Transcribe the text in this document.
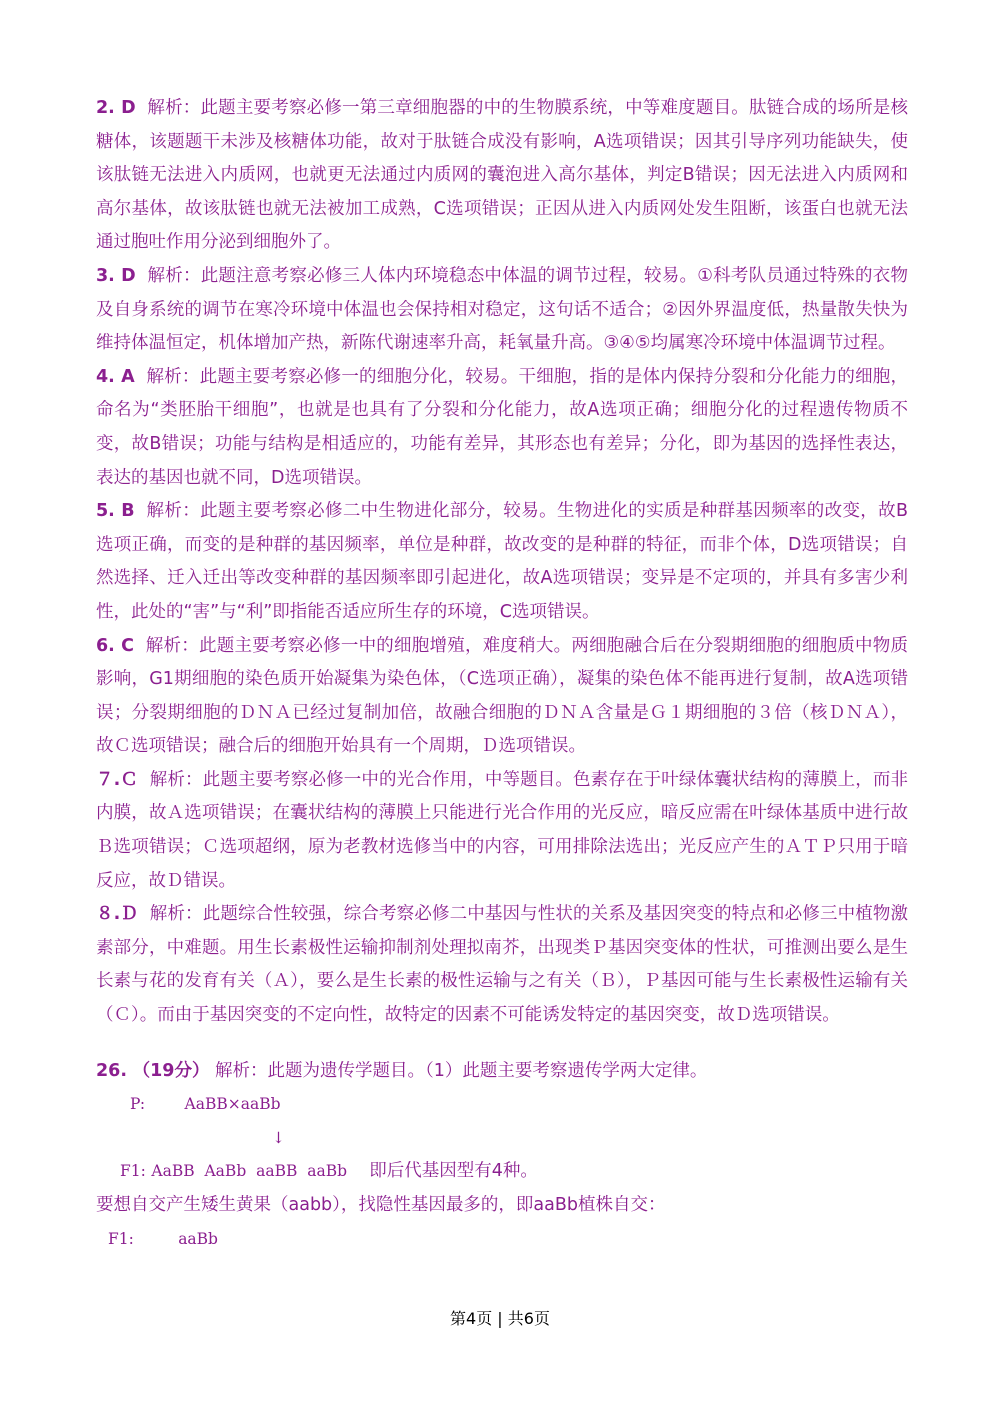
2. D 解析：此题主要考察必修一第三章细胞器的中的生物膜系统，中等难度题目。肽链合成的场所是核糖体，该题题干未涉及核糖体功能，故对于肽链合成没有影响，A选项错误；因其引导序列功能缺失，使该肽链无法进入内质网，也就更无法通过内质网的囊泡进入高尔基体，判定B错误；因无法进入内质网和高尔基体，故该肽链也就无法被加工成熟，C选项错误；正因从进入内质网处发生阻断，该蛋白也就无法通过胞吐作用分泌到细胞外了。

3. D 解析：此题注意考察必修三人体内环境稳态中体温的调节过程，较易。①科考队员通过特殊的衣物及自身系统的调节在寒冷环境中体温也会保持相对稳定，这句话不适合；②因外界温度低，热量散失快为维持体温恒定，机体增加产热，新陈代谢速率升高，耗氧量升高。③④⑤均属寒冷环境中体温调节过程。

4. A 解析：此题主要考察必修一的细胞分化，较易。干细胞，指的是体内保持分裂和分化能力的细胞，命名为“类胚胎干细胞”，也就是也具有了分裂和分化能力，故A选项正确；细胞分化的过程遗传物质不变，故B错误；功能与结构是相适应的，功能有差异，其形态也有差异；分化，即为基因的选择性表达，表达的基因也就不同，D选项错误。

5. B 解析：此题主要考察必修二中生物进化部分，较易。生物进化的实质是种群基因频率的改变，故B选项正确，而变的是种群的基因频率，单位是种群，故改变的是种群的特征，而非个体，D选项错误；自然选择、迁入迁出等改变种群的基因频率即引起进化，故A选项错误；变异是不定项的，并具有多害少利性，此处的“害”与“利”即指能否适应所生存的环境，C选项错误。

6. C 解析：此题主要考察必修一中的细胞增殖，难度稍大。两细胞融合后在分裂期细胞的细胞质中物质影响，G1期细胞的染色质开始凝集为染色体，（C选项正确），凝集的染色体不能再进行复制，故A选项错误；分裂期细胞的ＤＮＡ已经过复制加倍，故融合细胞的ＤＮＡ含量是Ｇ１期细胞的３倍（核ＤＮＡ），故Ｃ选项错误；融合后的细胞开始具有一个周期，Ｄ选项错误。

７.Ｃ 解析：此题主要考察必修一中的光合作用，中等题目。色素存在于叶绿体囊状结构的薄膜上，而非内膜，故Ａ选项错误；在囊状结构的薄膜上只能进行光合作用的光反应，暗反应需在叶绿体基质中进行故Ｂ选项错误；Ｃ选项超纲，原为老教材选修当中的内容，可用排除法选出；光反应产生的ＡＴＰ只用于暗反应，故Ｄ错误。

８.Ｄ 解析：此题综合性较强，综合考察必修二中基因与性状的关系及基因突变的特点和必修三中植物激素部分，中难题。用生长素极性运输抑制剂处理拟南芥，出现类Ｐ基因突变体的性状，可推测出要么是生长素与花的发育有关（Ａ），要么是生长素的极性运输与之有关（Ｂ），Ｐ基因可能与生长素极性运输有关（Ｃ）。而由于基因突变的不定向性，故特定的因素不可能诱发特定的基因突变，故Ｄ选项错误。

26. （19分） 解析：此题为遗传学题目。（1）此题主要考察遗传学两大定律。

P:	AaBB×aaBb

↓

F1: AaBB  AaBb  aaBB  aaBb 即后代基因型有4种。

要想自交产生矮生黄果（aabb），找隐性基因最多的，即aaBb植株自交：

F1:	aaBb

第4页 | 共6页
